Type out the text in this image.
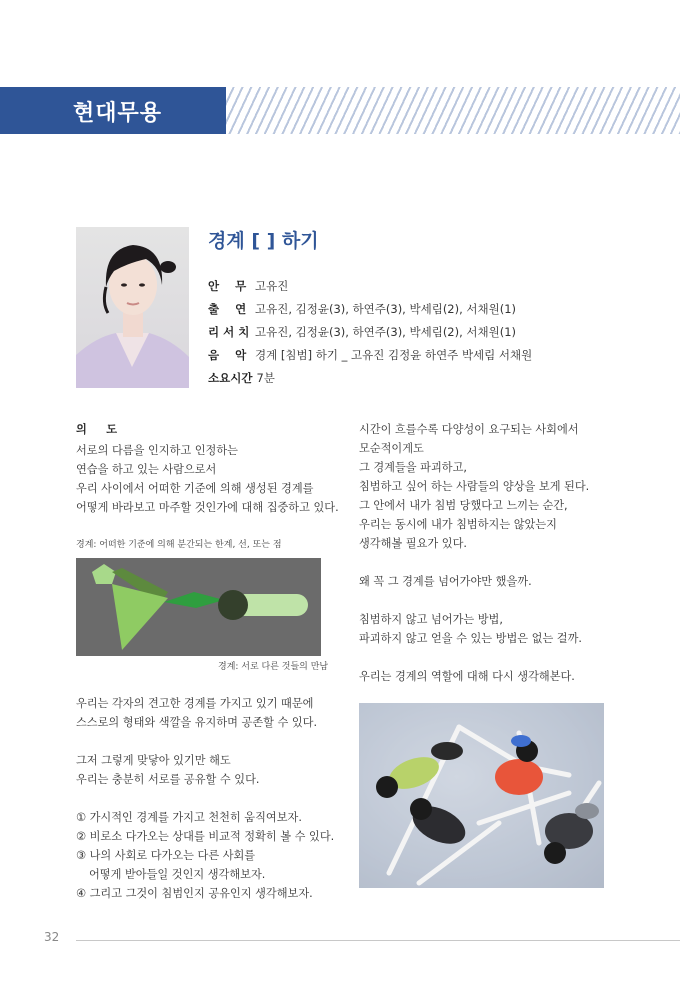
현대무용
경계 [ ] 하기
안    무 고유진
출    연 고유진, 김정윤(3), 하연주(3), 박세림(2), 서채원(1)
리 서 치 고유진, 김정윤(3), 하연주(3), 박세림(2), 서채원(1)
음    악 경계 [침범] 하기 _ 고유진 김정윤 하연주 박세림 서채원
소요시간 7분

의     도

서로의 다름을 인지하고 인정하는

연습을 하고 있는 사람으로서

우리 사이에서 어떠한 기준에 의해 생성된 경계를

어떻게 바라보고 마주할 것인가에 대해 집중하고 있다.

경계: 어떠한 기준에 의해 분간되는 한계, 선, 또는 점
경계: 서로 다른 것들의 만남

우리는 각자의 견고한 경계를 가지고 있기 때문에

스스로의 형태와 색깔을 유지하며 공존할 수 있다.

그저 그렇게 맞닿아 있기만 해도

우리는 충분히 서로를 공유할 수 있다.

① 가시적인 경계를 가지고 천천히 움직여보자.

② 비로소 다가오는 상대를 비교적 정확히 볼 수 있다.

③ 나의 사회로 다가오는 다른 사회를

어떻게 받아들일 것인지 생각해보자.

④ 그리고 그것이 침범인지 공유인지 생각해보자.

시간이 흐를수록 다양성이 요구되는 사회에서

모순적이게도

그 경계들을 파괴하고,

침범하고 싶어 하는 사람들의 양상을 보게 된다.

그 안에서 내가 침범 당했다고 느끼는 순간,

우리는 동시에 내가 침범하지는 않았는지

생각해볼 필요가 있다.

왜 꼭 그 경계를 넘어가야만 했을까.

침범하지 않고 넘어가는 방법,

파괴하지 않고 얻을 수 있는 방법은 없는 걸까.

우리는 경계의 역할에 대해 다시 생각해본다.

32
